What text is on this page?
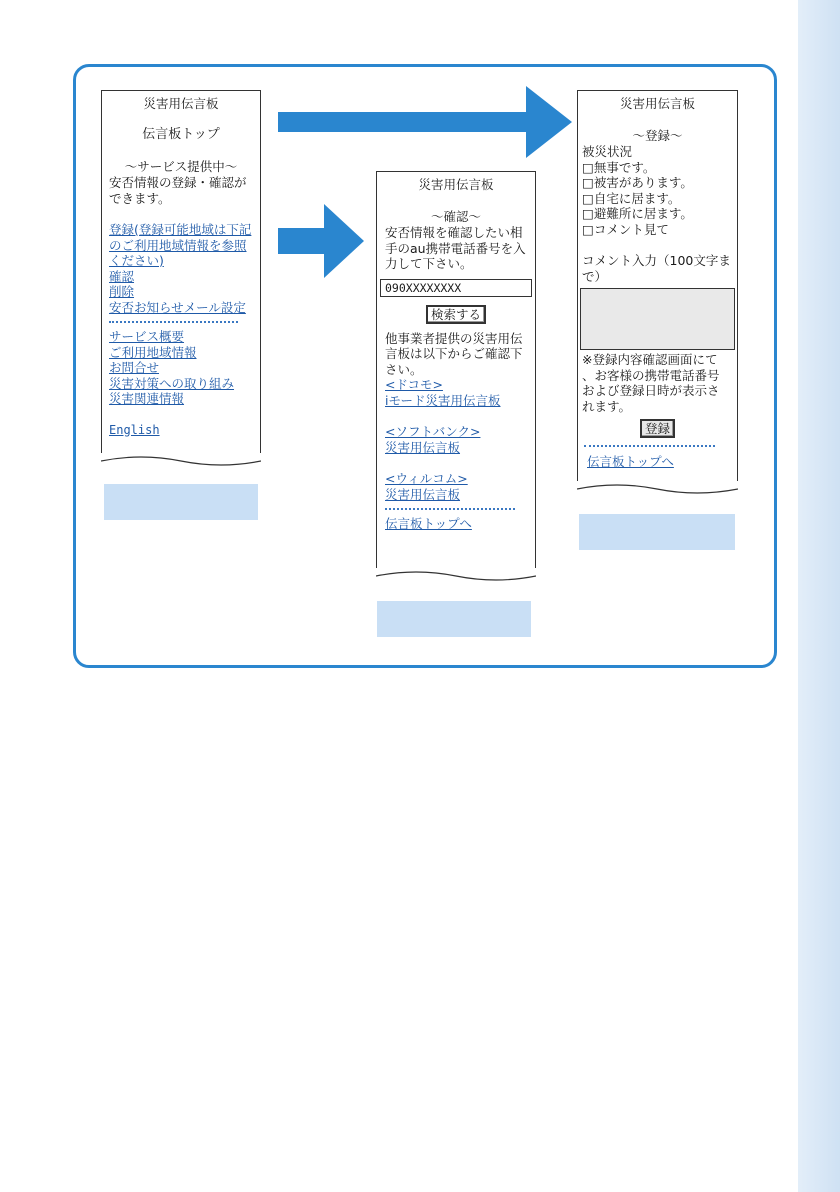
災害用伝言板
伝言板トップ
～サービス提供中～
安否情報の登録・確認が
できます。
登録(登録可能地域は下記
のご利用地域情報を参照
ください)
確認
削除
安否お知らせメール設定
サービス概要
ご利用地域情報
お問合せ
災害対策への取り組み
災害関連情報
English
災害用伝言板
～確認～
安否情報を確認したい相
手のau携帯電話番号を入
力して下さい。
090XXXXXXXX
検索する
他事業者提供の災害用伝
言板は以下からご確認下
さい。
<ドコモ>
iモード災害用伝言板
<ソフトバンク>
災害用伝言板
<ウィルコム>
災害用伝言板
伝言板トップへ
災害用伝言板
～登録～
被災状況
□無事です。
□被害があります。
□自宅に居ます。
□避難所に居ます。
□コメント見て
コメント入力（100文字ま
で）
※登録内容確認画面にて
、お客様の携帯電話番号
および登録日時が表示さ
れます。
登録
伝言板トップへ
